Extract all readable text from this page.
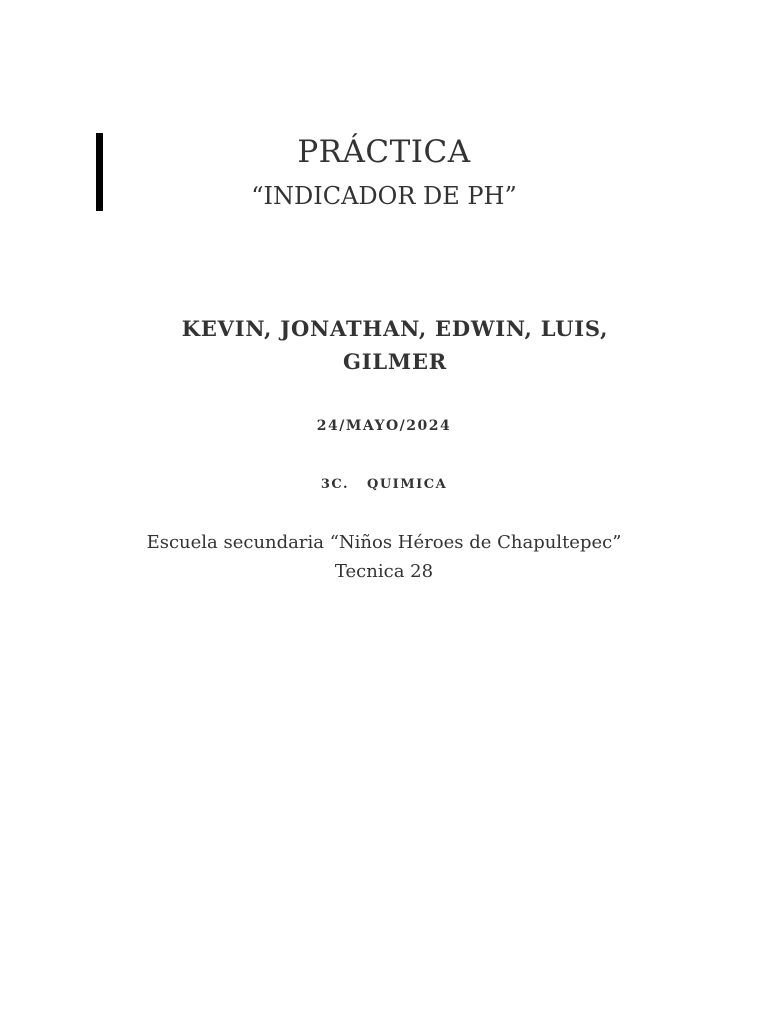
PRÁCTICA
“INDICADOR DE PH”
KEVIN, JONATHAN, EDWIN, LUIS, GILMER
24/MAYO/2024
3C. QUIMICA
Escuela secundaria “Niños Héroes de Chapultepec”
Tecnica 28
